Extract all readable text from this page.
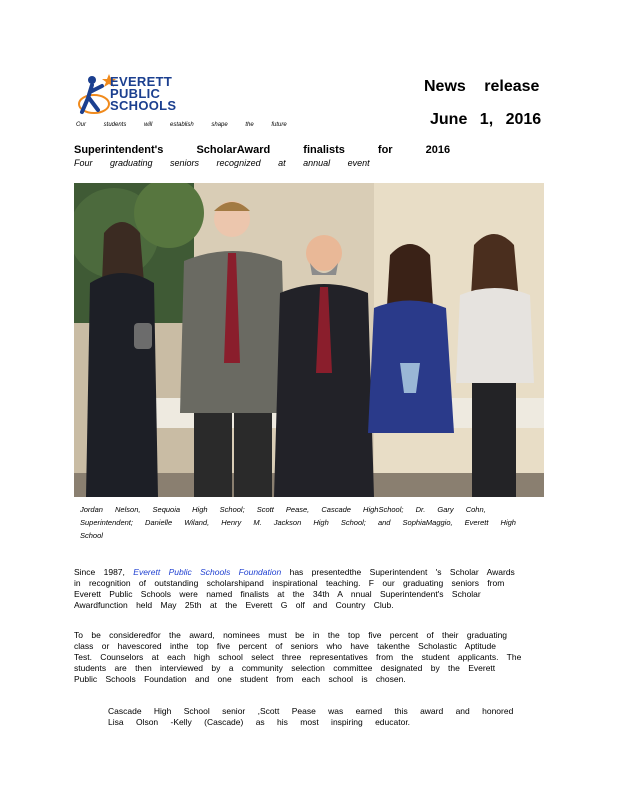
EVERETT
PUBLIC
SCHOOLS
Our students will establish shape the future
News release
June 1, 2016
Superintendent's ScholarAward finalists for 2016
Four graduating seniors recognized at annual event
Jordan Nelson, Sequoia High School; Scott Pease, Cascade HighSchool; Dr. Gary Cohn, Superintendent; Danielle Wiland, Henry M. Jackson High School; and SophiaMaggio, Everett High School
Since 1987, Everett Public Schools Foundation has presentedthe Superintendent 's Scholar Awards in recognition of outstanding scholarshipand inspirational teaching. F our graduating seniors from Everett Public Schools were named finalists at the 34th A nnual Superintendent's Scholar Awardfunction held May 25th at the Everett G olf and Country Club.
To be consideredfor the award, nominees must be in the top five percent of their graduating class or havescored inthe top five percent of seniors who have takenthe Scholastic Aptitude Test. Counselors at each high school select three representatives from the student applicants. The students are then interviewed by a community selection committee designated by the Everett Public Schools Foundation and one student from each school is chosen.
Cascade High School senior ,Scott Pease was earned this award and honored Lisa Olson -Kelly (Cascade) as his most inspiring educator.
